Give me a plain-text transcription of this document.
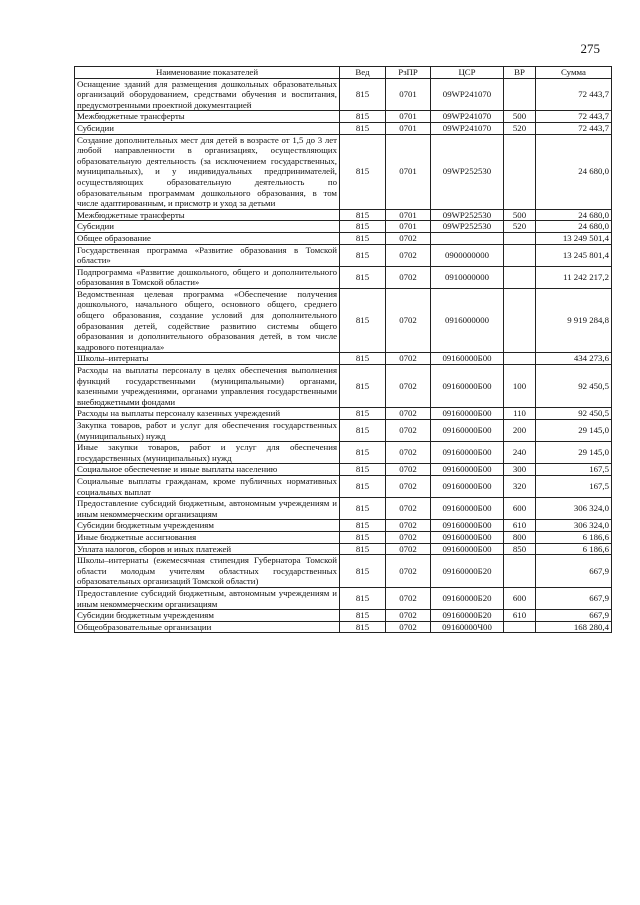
275
Наименование показателей	Вед	РзПР	ЦСР	ВР	Сумма
Оснащение зданий для размещения дошкольных образовательных организаций оборудованием, средствами обучения и воспитания, предусмотренными проектной документацией	815	0701	09WP241070		72 443,7
Межбюджетные трансферты	815	0701	09WP241070	500	72 443,7
Субсидии	815	0701	09WP241070	520	72 443,7
Создание дополнительных мест для детей в возрасте от 1,5 до 3 лет любой направленности в организациях, осуществляющих образовательную деятельность (за исключением государственных, муниципальных), и у индивидуальных предпринимателей, осуществляющих образовательную деятельность по образовательным программам дошкольного образования, в том числе адаптированным, и присмотр и уход за детьми	815	0701	09WP252530		24 680,0
Межбюджетные трансферты	815	0701	09WP252530	500	24 680,0
Субсидии	815	0701	09WP252530	520	24 680,0
Общее образование	815	0702			13 249 501,4
Государственная программа «Развитие образования в Томской области»	815	0702	0900000000		13 245 801,4
Подпрограмма «Развитие дошкольного, общего и дополнительного образования в Томской области»	815	0702	0910000000		11 242 217,2
Ведомственная целевая программа «Обеспечение получения дошкольного, начального общего, основного общего, среднего общего образования, создание условий для дополнительного образования детей, содействие развитию системы общего образования и дополнительного образования детей, в том числе кадрового потенциала»	815	0702	0916000000		9 919 284,8
Школы–интернаты	815	0702	09160000Б00		434 273,6
Расходы на выплаты персоналу в целях обеспечения выполнения функций государственными (муниципальными) органами, казенными учреждениями, органами управления государственными внебюджетными фондами	815	0702	09160000Б00	100	92 450,5
Расходы на выплаты персоналу казенных учреждений	815	0702	09160000Б00	110	92 450,5
Закупка товаров, работ и услуг для обеспечения государственных (муниципальных) нужд	815	0702	09160000Б00	200	29 145,0
Иные закупки товаров, работ и услуг для обеспечения государственных (муниципальных) нужд	815	0702	09160000Б00	240	29 145,0
Социальное обеспечение и иные выплаты населению	815	0702	09160000Б00	300	167,5
Социальные выплаты гражданам, кроме публичных нормативных социальных выплат	815	0702	09160000Б00	320	167,5
Предоставление субсидий бюджетным, автономным учреждениям и иным некоммерческим организациям	815	0702	09160000Б00	600	306 324,0
Субсидии бюджетным учреждениям	815	0702	09160000Б00	610	306 324,0
Иные бюджетные ассигнования	815	0702	09160000Б00	800	6 186,6
Уплата налогов, сборов и иных платежей	815	0702	09160000Б00	850	6 186,6
Школы–интернаты (ежемесячная стипендия Губернатора Томской области молодым учителям областных государственных образовательных организаций Томской области)	815	0702	09160000Б20		667,9
Предоставление субсидий бюджетным, автономным учреждениям и иным некоммерческим организациям	815	0702	09160000Б20	600	667,9
Субсидии бюджетным учреждениям	815	0702	09160000Б20	610	667,9
Общеобразовательные организации	815	0702	09160000Ч00		168 280,4
